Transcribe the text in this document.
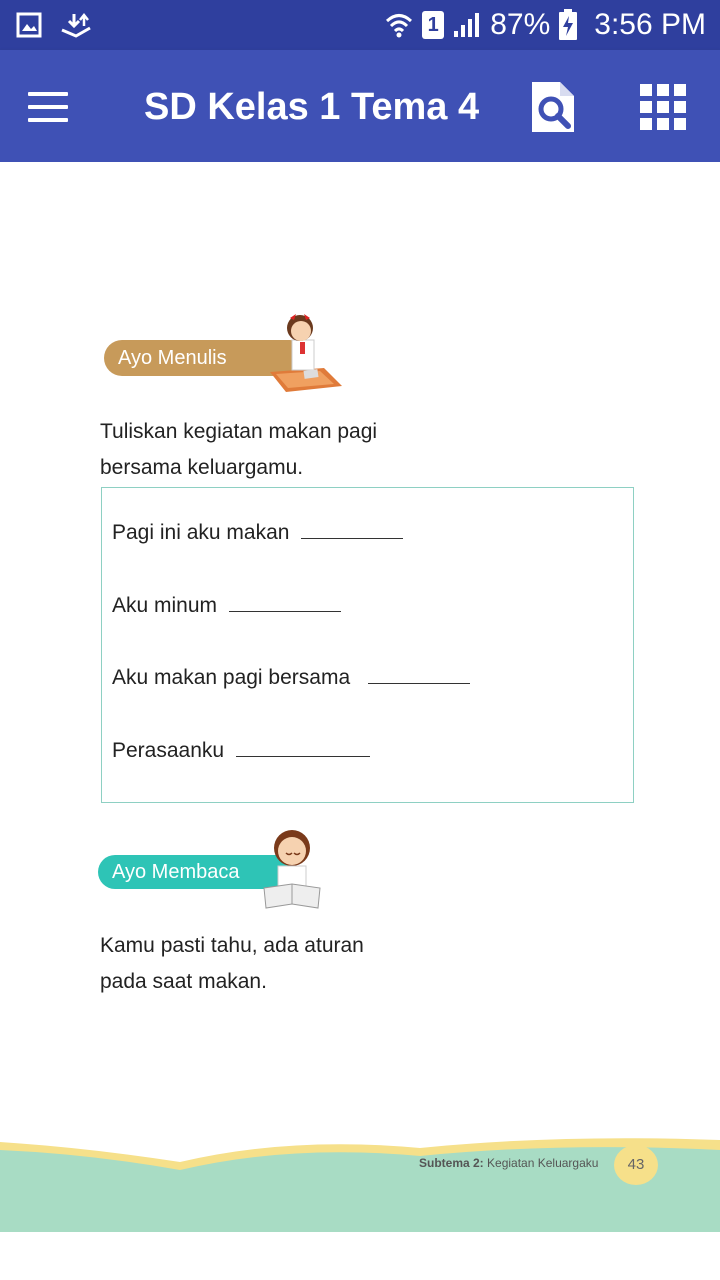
1 87% 3:56 PM
SD Kelas 1 Tema 4
Ayo Menulis
Tuliskan kegiatan makan pagi
bersama keluargamu.
Pagi ini aku makan
Aku minum
Aku makan pagi bersama
Perasaanku
Ayo Membaca
Kamu pasti tahu, ada aturan
pada saat makan.
Subtema 2: Kegiatan Keluargaku	43
